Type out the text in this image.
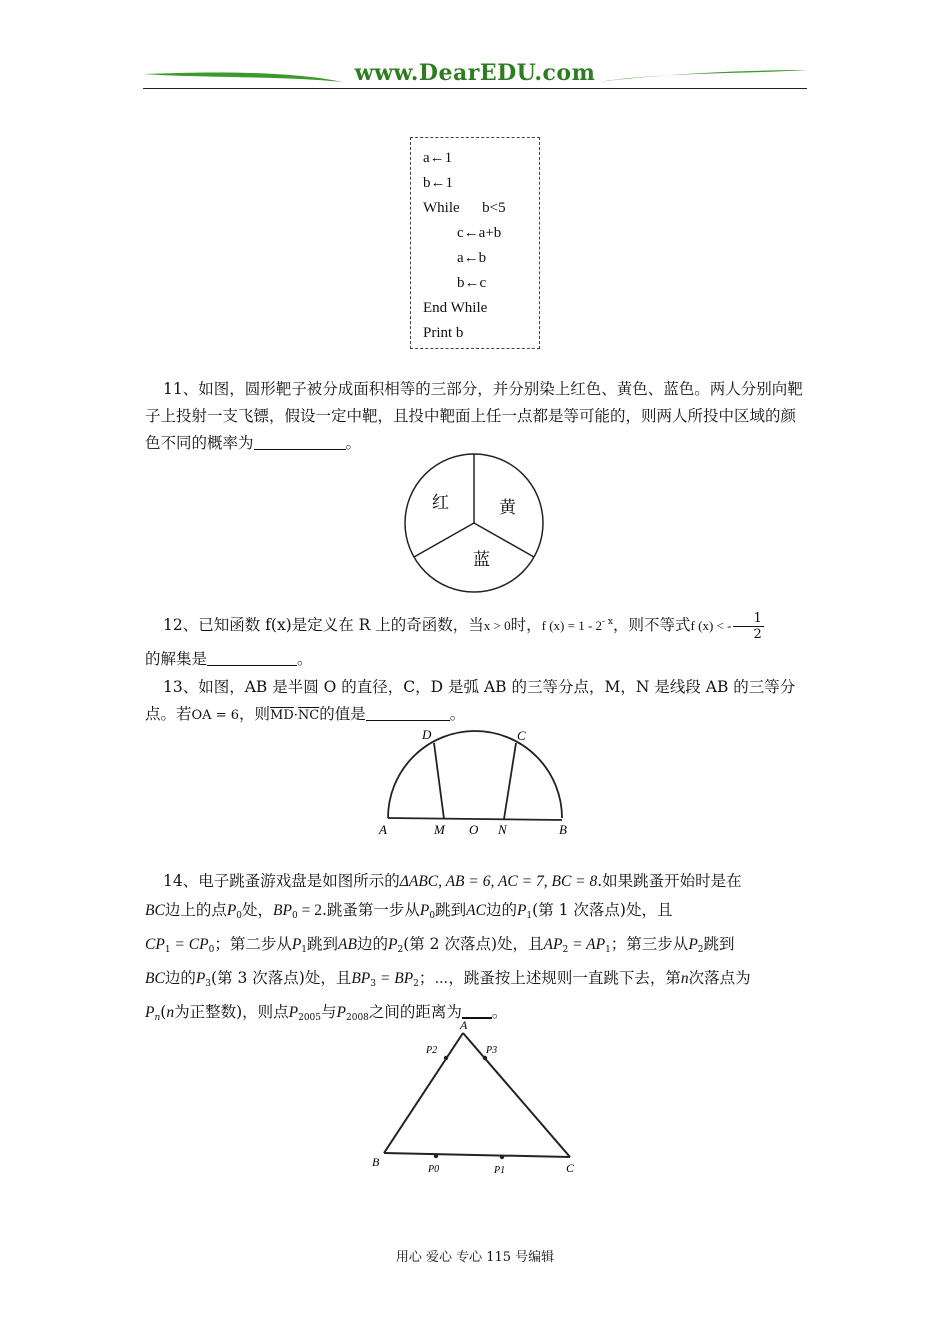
www.DearEDU.com
a←1
b←1
While      b<5
c←a+b
a←b
b←c
End While
Print b

11、如图，圆形靶子被分成面积相等的三部分，并分别染上红色、黄色、蓝色。两人分别向靶子上投射一支飞镖，假设一定中靶，且投中靶面上任一点都是等可能的，则两人所投中区域的颜色不同的概率为	。

红	黄
蓝

12、已知函数 f(x)是定义在 R 上的奇函数，当x > 0时，f $(x) = 1 - 2^{- x}$，则不等式f (x) < - $\frac{1}{2}$

的解集是	。

13、如图，AB 是半圆 O 的直径，C，D 是弧 AB 的三等分点，M，N 是线段 AB 的三等分点。若OA = 6，则$\overline{MD}\cdot\overline{NC}$的值是	。

A	M O N	B
D	C

14、电子跳蚤游戏盘是如图所示的ΔABC, AB = 6, AC = 7, BC = 8.如果跳蚤开始时是在

BC边上的点$P_0$处，$BP_0 = 2$.跳蚤第一步从$P_0$跳到AC边的$P_1$(第 1 次落点)处，且

$CP_1 = CP_0$；第二步从$P_1$跳到AB边的$P_2$(第 2 次落点)处，且$AP_2 = AP_1$；第三步从$P_2$跳到

BC边的$P_3$(第 3 次落点)处，且$BP_3 = BP_2$；⋯，跳蚤按上述规则一直跳下去，第n次落点为

$P_n(n$为正整数)，则点$P_{2005}$与$P_{2008}$之间的距离为 。

A
B	C
P2	P3
P0	P1
用心 爱心 专心 115 号编辑
